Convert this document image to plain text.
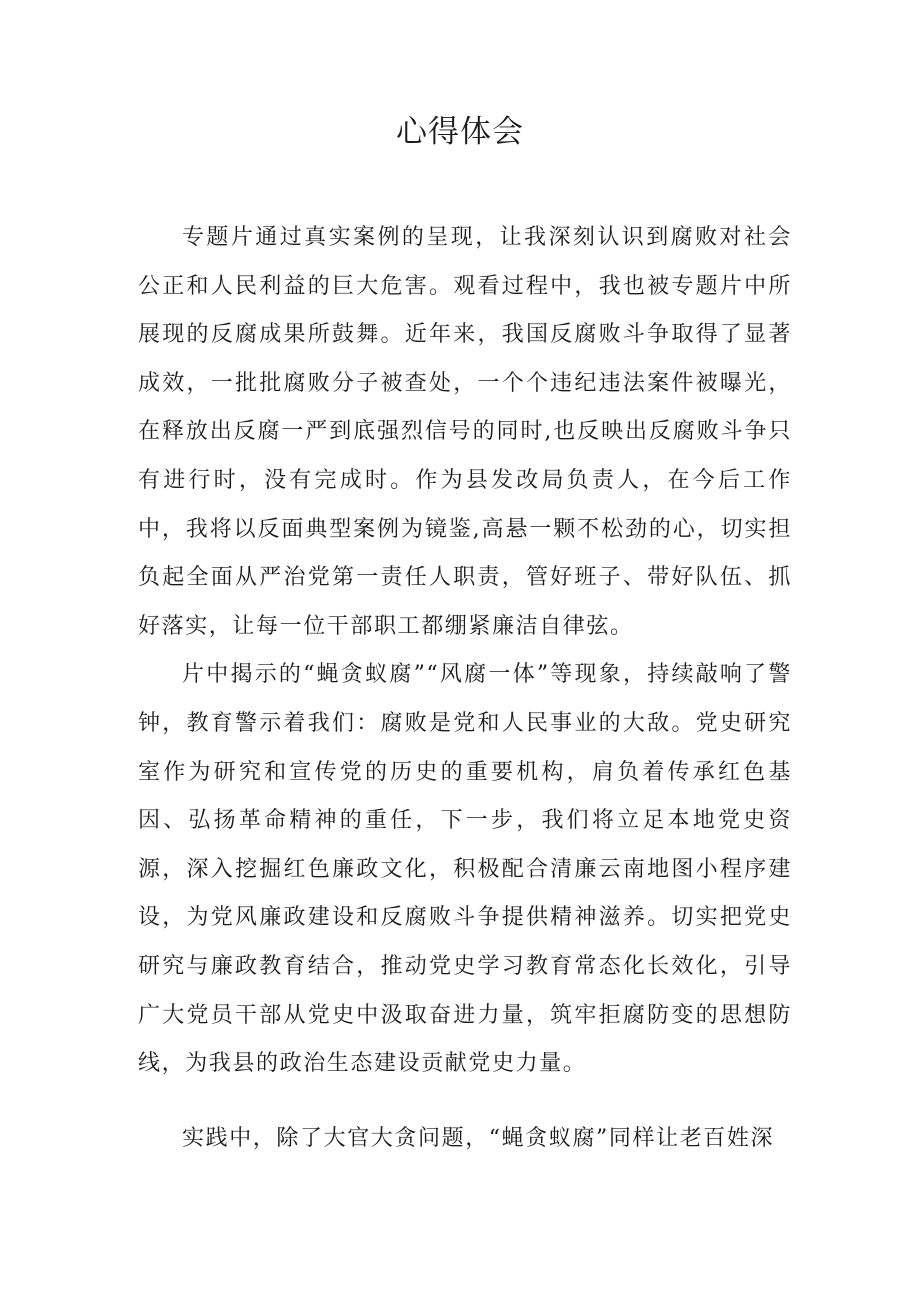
心得体会

专题片通过真实案例的呈现，让我深刻认识到腐败对社会公正和人民利益的巨大危害。观看过程中，我也被专题片中所展现的反腐成果所鼓舞。近年来，我国反腐败斗争取得了显著成效，一批批腐败分子被查处，一个个违纪违法案件被曝光，在释放出反腐一严到底强烈信号的同时,也反映出反腐败斗争只有进行时，没有完成时。作为县发改局负责人，在今后工作中，我将以反面典型案例为镜鉴,高悬一颗不松劲的心，切实担负起全面从严治党第一责任人职责，管好班子、带好队伍、抓好落实，让每一位干部职工都绷紧廉洁自律弦。

片中揭示的“蝇贪蚁腐”“风腐一体”等现象，持续敲响了警钟，教育警示着我们：腐败是党和人民事业的大敌。党史研究室作为研究和宣传党的历史的重要机构，肩负着传承红色基因、弘扬革命精神的重任，下一步，我们将立足本地党史资源，深入挖掘红色廉政文化，积极配合清廉云南地图小程序建设，为党风廉政建设和反腐败斗争提供精神滋养。切实把党史研究与廉政教育结合，推动党史学习教育常态化长效化，引导广大党员干部从党史中汲取奋进力量，筑牢拒腐防变的思想防线，为我县的政治生态建设贡献党史力量。

实践中，除了大官大贪问题，“蝇贪蚁腐”同样让老百姓深
